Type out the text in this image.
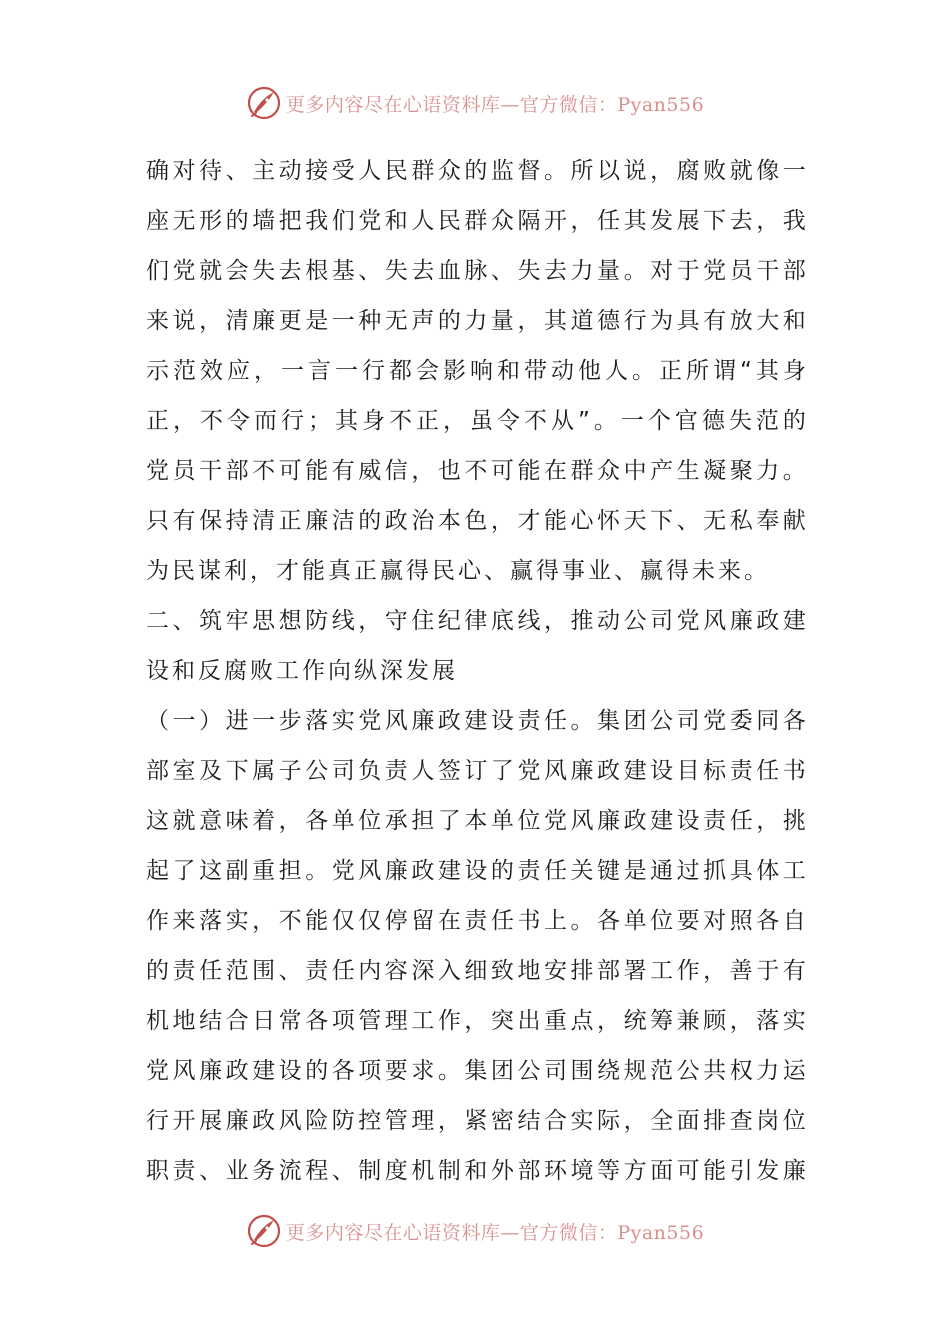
更多内容尽在心语资料库—官方微信：Pyan556
确 对 待 、 主 动 接 受 人 民 群 众 的 监 督 。 所 以 说 ， 腐 败 就 像 一
座 无 形 的 墙 把 我 们 党 和 人 民 群 众 隔 开 ， 任 其 发 展 下 去 ， 我
们 党 就 会 失 去 根 基 、 失 去 血 脉 、 失 去 力 量 。 对 于 党 员 干 部
来 说 ， 清 廉 更 是 一 种 无 声 的 力 量 ， 其 道 德 行 为 具 有 放 大 和
示 范 效 应 ， 一 言 一 行 都 会 影 响 和 带 动 他 人 。 正 所 谓 “ 其 身
正 ， 不 令 而 行 ； 其 身 不 正 ， 虽 令 不 从 ” 。 一 个 官 德 失 范 的
党 员 干 部 不 可 能 有 威 信 ， 也 不 可 能 在 群 众 中 产 生 凝 聚 力 。
只 有 保 持 清 正 廉 洁 的 政 治 本 色 ， 才 能 心 怀 天 下 、 无 私 奉 献
为 民 谋 利 ， 才 能 真 正 赢 得 民 心 、 赢 得 事 业 、 赢 得 未 来 。
二 、 筑 牢 思 想 防 线 ， 守 住 纪 律 底 线 ， 推 动 公 司 党 风 廉 政 建
设 和 反 腐 败 工 作 向 纵 深 发 展
（ 一 ） 进 一 步 落 实 党 风 廉 政 建 设 责 任 。 集 团 公 司 党 委 同 各
部 室 及 下 属 子 公 司 负 责 人 签 订 了 党 风 廉 政 建 设 目 标 责 任 书
这 就 意 味 着 ， 各 单 位 承 担 了 本 单 位 党 风 廉 政 建 设 责 任 ， 挑
起 了 这 副 重 担 。 党 风 廉 政 建 设 的 责 任 关 键 是 通 过 抓 具 体 工
作 来 落 实 ， 不 能 仅 仅 停 留 在 责 任 书 上 。 各 单 位 要 对 照 各 自
的 责 任 范 围 、 责 任 内 容 深 入 细 致 地 安 排 部 署 工 作 ， 善 于 有
机 地 结 合 日 常 各 项 管 理 工 作 ， 突 出 重 点 ， 统 筹 兼 顾 ， 落 实
党 风 廉 政 建 设 的 各 项 要 求 。 集 团 公 司 围 绕 规 范 公 共 权 力 运
行 开 展 廉 政 风 险 防 控 管 理 ， 紧 密 结 合 实 际 ， 全 面 排 查 岗 位
职 责 、 业 务 流 程 、 制 度 机 制 和 外 部 环 境 等 方 面 可 能 引 发 廉
更多内容尽在心语资料库—官方微信：Pyan556
